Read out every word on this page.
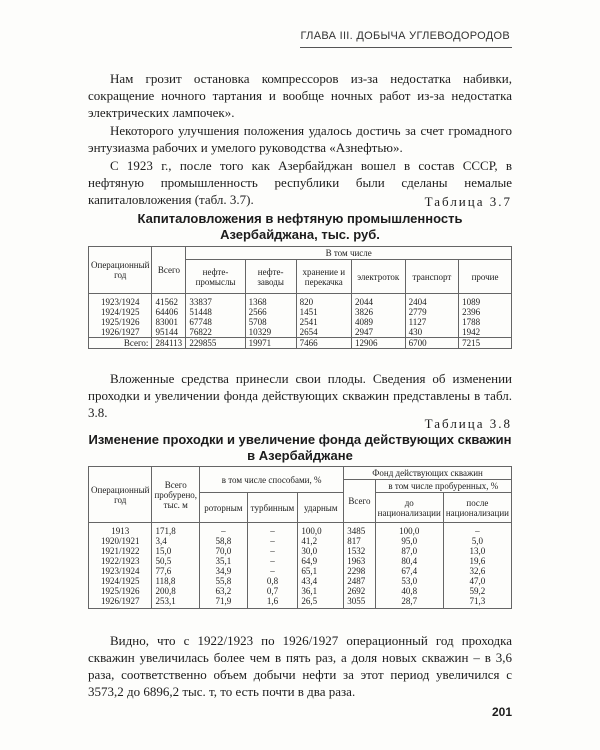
ГЛАВА III. ДОБЫЧА УГЛЕВОДОРОДОВ
Нам грозит остановка компрессоров из-за недостатка набивки, сокращение ночного тартания и вообще ночных работ из-за недостатка электрических лампочек».
Некоторого улучшения положения удалось достичь за счет громадного энтузиазма рабочих и умелого руководства «Азнефтью».
С 1923 г., после того как Азербайджан вошел в состав СССР, в нефтяную промышленность республики были сделаны немалые капиталовложения (табл. 3.7).	Таблица 3.7
Капиталовложения в нефтяную промышленность Азербайджана, тыс. руб.
Операционный год	Всего	В том числе					
		нефте-промыслы	нефте-заводы	хранение и перекачка	электроток	транспорт	прочие
1923/1924	41562	33837	1368	820	2044	2404	1089
1924/1925	64406	51448	2566	1451	3826	2779	2396
1925/1926	83001	67748	5708	2541	4089	1127	1788
1926/1927	95144	76822	10329	2654	2947	430	1942
Всего:	284113	229855	19971	7466	12906	6700	7215
Вложенные средства принесли свои плоды. Сведения об изменении проходки и увеличении фонда действующих скважин представлены в табл. 3.8.
Таблица 3.8
Изменение проходки и увеличение фонда действующих скважин в Азербайджане
Операционный год	Всего пробурено, тыс. м	в том числе способами, %			Фонд действующих скважин		
					Всего	в том числе пробуренных, %	
		роторным	турбинным	ударным		до национализации	после национализации
1913	171,8	–	–	100,0	3485	100,0	–
1920/1921	3,4	58,8	–	41,2	817	95,0	5,0
1921/1922	15,0	70,0	–	30,0	1532	87,0	13,0
1922/1923	50,5	35,1	–	64,9	1963	80,4	19,6
1923/1924	77,6	34,9	–	65,1	2298	67,4	32,6
1924/1925	118,8	55,8	0,8	43,4	2487	53,0	47,0
1925/1926	200,8	63,2	0,7	36,1	2692	40,8	59,2
1926/1927	253,1	71,9	1,6	26,5	3055	28,7	71,3
Видно, что с 1922/1923 по 1926/1927 операционный год проходка скважин увеличилась более чем в пять раз, а доля новых скважин – в 3,6 раза, соответственно объем добычи нефти за этот период увеличился с 3573,2 до 6896,2 тыс. т, то есть почти в два раза.
201
